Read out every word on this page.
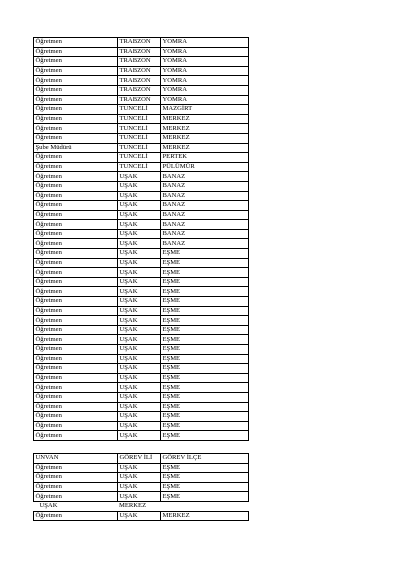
Öğretmen	TRABZON	YOMRA
Öğretmen	TRABZON	YOMRA
Öğretmen	TRABZON	YOMRA
Öğretmen	TRABZON	YOMRA
Öğretmen	TRABZON	YOMRA
Öğretmen	TRABZON	YOMRA
Öğretmen	TRABZON	YOMRA
Öğretmen	TUNCELİ	MAZGİRT
Öğretmen	TUNCELİ	MERKEZ
Öğretmen	TUNCELİ	MERKEZ
Öğretmen	TUNCELİ	MERKEZ
Şube Müdürü	TUNCELİ	MERKEZ
Öğretmen	TUNCELİ	PERTEK
Öğretmen	TUNCELİ	PÜLÜMÜR
Öğretmen	UŞAK	BANAZ
Öğretmen	UŞAK	BANAZ
Öğretmen	UŞAK	BANAZ
Öğretmen	UŞAK	BANAZ
Öğretmen	UŞAK	BANAZ
Öğretmen	UŞAK	BANAZ
Öğretmen	UŞAK	BANAZ
Öğretmen	UŞAK	BANAZ
Öğretmen	UŞAK	EŞME
Öğretmen	UŞAK	EŞME
Öğretmen	UŞAK	EŞME
Öğretmen	UŞAK	EŞME
Öğretmen	UŞAK	EŞME
Öğretmen	UŞAK	EŞME
Öğretmen	UŞAK	EŞME
Öğretmen	UŞAK	EŞME
Öğretmen	UŞAK	EŞME
Öğretmen	UŞAK	EŞME
Öğretmen	UŞAK	EŞME
Öğretmen	UŞAK	EŞME
Öğretmen	UŞAK	EŞME
Öğretmen	UŞAK	EŞME
Öğretmen	UŞAK	EŞME
Öğretmen	UŞAK	EŞME
Öğretmen	UŞAK	EŞME
Öğretmen	UŞAK	EŞME
Öğretmen	UŞAK	EŞME
Öğretmen	UŞAK	EŞME

UNVAN	GÖREV İLİ	GÖREV İLÇE
Öğretmen	UŞAK	EŞME
Öğretmen	UŞAK	EŞME
Öğretmen	UŞAK	EŞME
Öğretmen	UŞAK	EŞME
UŞAK	MERKEZ	
Öğretmen	UŞAK	MERKEZ
